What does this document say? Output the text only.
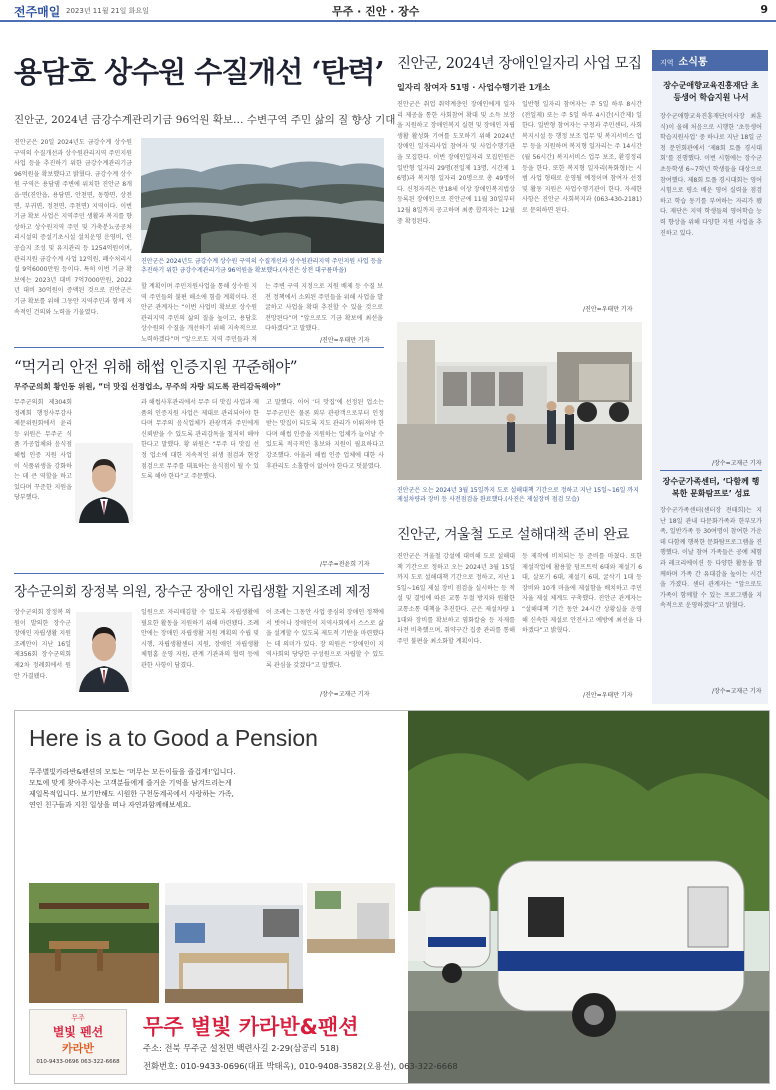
전주매일 2023년 11월 21일 화요일	무주 · 진안 · 장수	9
용담호 상수원 수질개선 ‘탄력’
진안군, 2024년 금강수계관리기금 96억원 확보… 수변구역 주민 삶의 질 향상 기대
진안군은 20일 2024년도 금강수계 상수원 구역의 수질개선과 상수원관리지역 주민지원 사업 등을 추진하기 위한 금강수계관리기금 96억원을 확보했다고 밝혔다. 금강수계 상수원 구역은 용담댐 주변에 위치한 진안군 8개 읍·면(진안읍, 용담면, 안천면, 동향면, 상전면, 부귀면, 정천면, 주천면) 지역이다. 이번 기금 확보 사업은 지역주민 생활과 복지를 향상하고 상수원지역 주민 및 가축분뇨공공처리시설의 증설기초시설 설치운영 운영비, 인공습지 조성 및 유지관리 등 1254억원이며, 관리지원 금강수계 사업 12억원, 폐수처리시설 9억6000만원 등이다. 특히 이번 기금 확보에는 2023년 대비 7억7000만원, 2022년 대비 30억원이 증액된 것으로 진안군은 기금 확보를 위해 그동안 지역주민과 함께 지속적인 건의와 노력을 기울였다.
진안군은 2024년도 금강수계 상수원 구역의 수질개선과 상수원관리지역 주민지원 사업 등을 추진하기 위한 금강수계관리기금 96억원을 확보했다.(사진은 상전 대구름마을)
할 계획이며 주민지원사업을 통해 상수원 지역 주민들의 불편 해소에 힘쓸 계획이다. 진안군 관계자는 “이번 사업비 확보로 상수원 관리지역 주민의 삶의 질을 높이고, 용담호 상수원의 수질을 개선하기 위해 지속적으로 노력하겠다”며 “앞으로도 지역 주민들과 적
는 주변 구역 지정으로 지원 배제 등 수질 보전 정책에서 소외된 주민들을 위해 사업을 발굴하고 사업을 확대 추진할 수 있을 것으로 전망된다”며 “앞으로도 기금 확보에 최선을 다하겠다”고 말했다.
/진안=우태만 기자
“먹거리 안전 위해 해썹 인증지원 꾸준해야”
무주군의회 황인동 위원, “더 맛집 선정업소, 무주의 자랑 되도록 관리감독해야”
무주군의회 제304회 정례회 행정사무감사 제문위원회에서 윤리 등 위원은 무주군 식품 가공업체와 음식점 해썹 인증 지원 사업이 식품위생을 강화하는 데 큰 역할을 하고 있다며 꾸준한 지원을 당부했다.
과 해썹사후관리에서 무주 더 맛집 사업과 제품의 인증지원 사업은 제대로 관리되어야 한다며 무주의 음식업체가 관광객과 주민에게 신뢰받을 수 있도록 관리감독을 철저히 해야 한다고 말했다. 황 위원은 “무주 더 맛집 선정 업소에 대한 지속적인 위생 점검과 현장 점검으로 무주를 대표하는 음식점이 될 수 있도록 해야 한다”고 주문했다.
고 말했다. 이어 ‘더 맛집’에 선정된 업소는 무주군민은 물론 외부 관광객으로부터 인정받는 맛집이 되도록 지도 관리가 이뤄져야 한다며 해썹 인증을 지원하는 업체가 늘어날 수 있도록 적극적인 홍보와 지원이 필요하다고 강조했다. 아울러 해썹 인증 업체에 대한 사후관리도 소홀함이 없어야 한다고 덧붙였다.
/무주=전윤희 기자
장수군의회 장정복 의원, 장수군 장애인 자립생활 지원조례 제정
장수군의회 장정복 의원이 발의한 장수군 장애인 자립생활 지원 조례안이 지난 16일 제356회 장수군의회 제2차 정례회에서 원안 가결됐다.
일원으로 자리매김할 수 있도록 자립생활에 필요한 활동을 지원하기 위해 마련됐다. 조례안에는 장애인 자립생활 지원 계획의 수립 및 시행, 자립생활센터 지원, 장애인 자립생활 체험홈 운영 지원, 관계 기관과의 협력 등에 관한 사항이 담겼다.
이 조례는 그동안 사업 중심의 장애인 정책에서 벗어나 장애인이 지역사회에서 스스로 삶을 설계할 수 있도록 제도적 기반을 마련했다는 데 의미가 있다. 장 의원은 “장애인이 지역사회의 당당한 구성원으로 자립할 수 있도록 관심을 갖겠다”고 말했다.
/장수=고재근 기자
진안군, 2024년 장애인일자리 사업 모집
일자리 참여자 51명 · 사업수행기관 1개소
진안군은 취업 취약계층인 장애인에게 일자리 제공을 통한 사회참여 확대 및 소득 보장을 지원하고 장애인복지 실현 및 장애인 자립생활 활성화 기여를 도모하기 위해 2024년 장애인 일자리사업 참여자 및 사업수행기관을 모집한다. 이번 장애인일자리 모집인원은 일반형 일자리 29명(전일제 13명, 시간제 16명)과 복지형 일자리 20명으로 총 49명이다. 신청자격은 만18세 이상 장애인복지법상 등록된 장애인으로 진안군에 11월 30일부터 12월 8일까지 공고하며 최종 합격자는 12월 중 확정된다.
일반형 일자리 참여자는 주 5일 하루 8시간(전일제) 또는 주 5일 하루 4시간(시간제) 일한다. 일반형 참여자는 구청과 주민센터, 사회복지시설 등 행정 보조 업무 및 복지서비스 업무 등을 지원하며 복지형 일자리는 주 14시간(월 56시간) 복지서비스 업무 보조, 환경정리 등을 한다. 또한 복지형 일자리(특화형)는 시범 사업 형태로 운영될 예정이며 참여자 선정 및 활동 지원은 사업수행기관이 한다. 자세한 사항은 진안군 사회복지과 (063-430-2181)로 문의하면 된다.
/진안=우태만 기자
진안군은 오는 2024년 3월 15일까지 도로 설해대책 기간으로 정하고 지난 15일~16일 까지 제설차량과 장비 등 사전점검을 완료했다.(사진은 제설장비 점검 모습)
진안군, 겨울철 도로 설해대책 준비 완료
진안군은 겨울철 강설에 대비해 도로 설해대책 기간으로 정하고 오는 2024년 3월 15일까지 도로 설해대책 기간으로 정하고, 지난 15일~16일 제설 장비 점검을 실시하는 등 적설 및 결빙에 따른 교통 두절 방지와 원활한 교통소통 대책을 추진한다. 군은 제설차량 11대와 장비를 확보하고 염화칼슘 등 자재를 사전 비축했으며, 취약구간 집중 관리를 통해 주민 불편을 최소화할 계획이다.
등 제작에 비치되는 등 준비를 마쳤다. 또한 제설작업에 활용할 덤프트럭 6대와 제설기 6대, 살포기 6대, 제설기 6대, 굴삭기 1대 등 장비와 10개 마을에 제설함을 배치하고 주민 자율 제설 체계도 구축했다. 진안군 관계자는 “설해대책 기간 동안 24시간 상황실을 운영해 신속한 제설로 안전사고 예방에 최선을 다하겠다”고 밝혔다.
/진안=우태만 기자
지역 소식통
장수군애향교육진흥재단 초등생어 학습지원 나서
장수군애향교육진흥재단(이사장 최훈식)이 올해 처음으로 시행한 ‘초등생어 학습지원사업’ 중 하나로 지난 18일 군청 문인회관에서 ‘제8회 토플 경시대회’를 진행했다. 이번 시험에는 장수군 초등학생 6~7학년 학생들을 대상으로 참여했다. 제8회 토플 경시대회는 영어 시험으로 평소 배운 영어 실력을 점검하고 학습 동기를 부여하는 자리가 됐다. 재단은 지역 학생들의 영어학습 능력 향상을 위해 다양한 지원 사업을 추진하고 있다.
/장수=고재근 기자
장수군가족센터, ‘다함께 행복한 문화탐프로’ 성료
장수군가족센터(센터장 전태희)는 지난 18일 관내 다문화가족과 한부모가족, 일반가족 등 30여명이 참여한 가운데 다함께 행복한 문화탐프로그램을 진행했다. 이날 참여 가족들은 공예 체험과 레크리에이션 등 다양한 활동을 함께하며 가족 간 유대감을 높이는 시간을 가졌다. 센터 관계자는 “앞으로도 가족이 함께할 수 있는 프로그램을 지속적으로 운영하겠다”고 밝혔다.
/장수=고재근 기자
Here is a to Good a Pension
무주별빛카라반&펜션의 모토는 ‘머무는 모든이들을 즐겁게!’입니다.
모토에 맞게 찾아주시는 고객분들에게 즐거운 기억을 남겨드리는게
제일목적입니다. 보기만해도 시원한 구천동계곡에서 사랑하는 가족,
연인 친구들과 지친 일상을 떠나 자연과함께해보세요.
무주
별빛 펜션
카라반
010-9433-0696 063-322-6668
무주 별빛 카라반&팬션
주소: 전북 무주군 설천면 백련사길 2-29(삼공리 518)
전화번호: 010-9433-0696(대표 박태옥), 010-9408-3582(오용선), 063-322-6668
